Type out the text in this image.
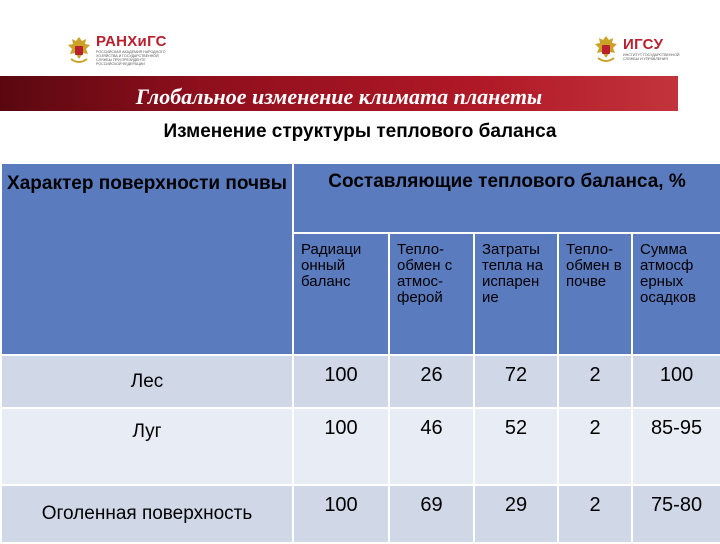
РАНХиГС
РОССИЙСКАЯ АКАДЕМИЯ НАРОДНОГО ХОЗЯЙСТВА И ГОСУДАРСТВЕННОЙ СЛУЖБЫ ПРИ ПРЕЗИДЕНТЕ РОССИЙСКОЙ ФЕДЕРАЦИИ
ИГСУ
ИНСТИТУТ ГОСУДАРСТВЕННОЙ СЛУЖБЫ И УПРАВЛЕНИЯ
Глобальное изменение климата планеты
Изменение структуры теплового баланса
Характер поверхности почвы	Составляющие теплового баланса, %				
	Радиаци онный баланс	Тепло-обмен с атмос-ферой	Затраты тепла на испарен ие	Тепло-обмен в почве	Сумма атмосф ерных осадков
Лес	100	26	72	2	100
Луг	100	46	52	2	85-95
Оголенная поверхность	100	69	29	2	75-80
